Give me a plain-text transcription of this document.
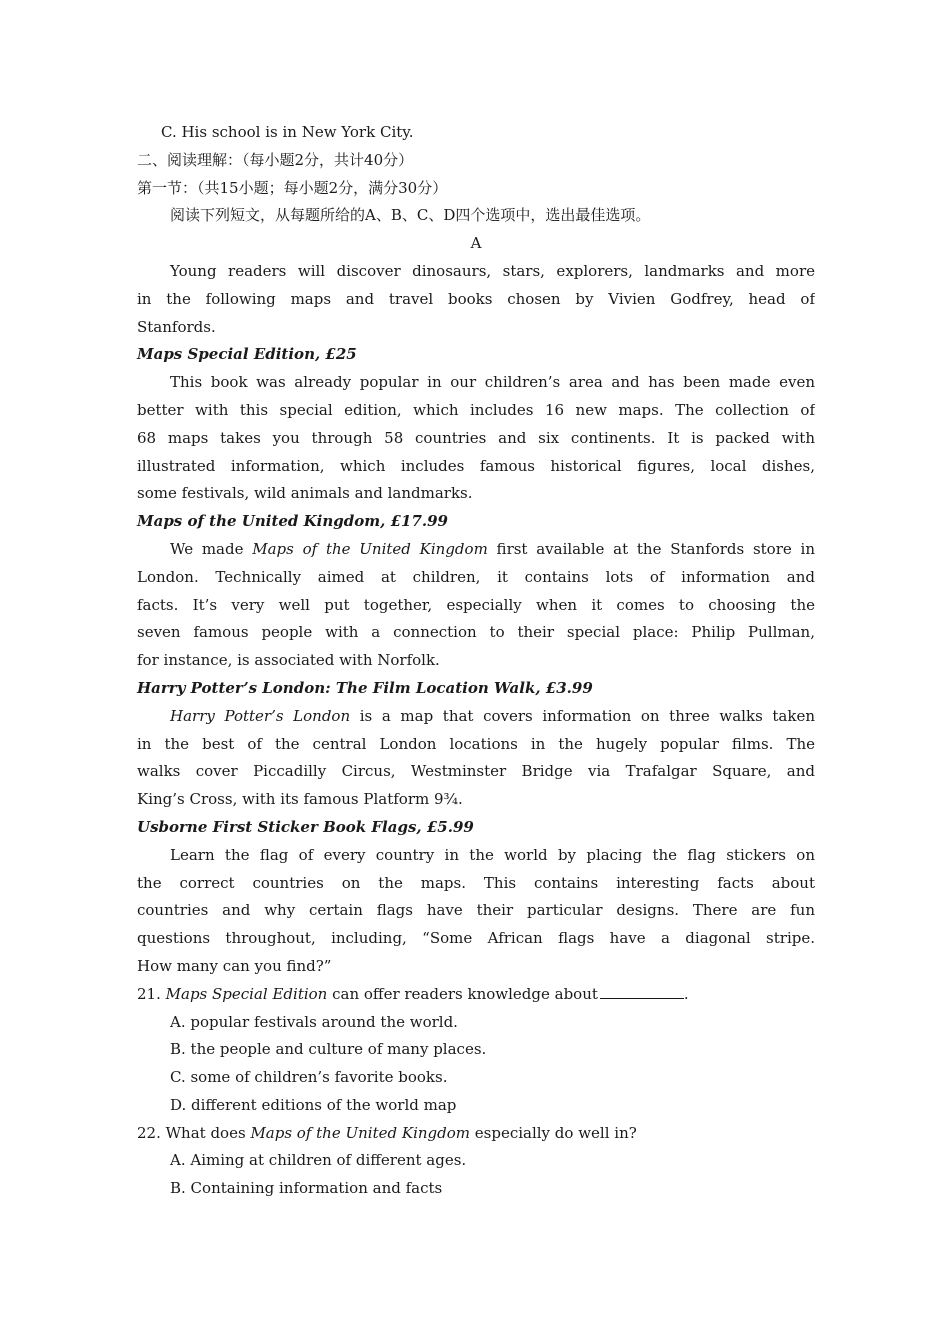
C. His school is in New York City.
二、阅读理解：（每小题2分，共计40分）
第一节：（共15小题；每小题2分，满分30分）
阅读下列短文，从每题所给的A、B、C、D四个选项中，选出最佳选项。
A
Young readers will discover dinosaurs, stars, explorers, landmarks and more
in the following maps and travel books chosen by Vivien Godfrey, head of
Stanfords.
Maps Special Edition, £25
This book was already popular in our children’s area and has been made even
better with this special edition, which includes 16 new maps. The collection of
68 maps takes you through 58 countries and six continents. It is packed with
illustrated information, which includes famous historical figures, local dishes,
some festivals, wild animals and landmarks.
Maps of the United Kingdom, £17.99
We made Maps of the United Kingdom first available at the Stanfords store in
London. Technically aimed at children, it contains lots of information and
facts. It’s very well put together, especially when it comes to choosing the
seven famous people with a connection to their special place: Philip Pullman,
for instance, is associated with Norfolk.
Harry Potter’s London: The Film Location Walk, £3.99
Harry Potter’s London is a map that covers information on three walks taken
in the best of the central London locations in the hugely popular films. The
walks cover Piccadilly Circus, Westminster Bridge via Trafalgar Square, and
King’s Cross, with its famous Platform 9¾.
Usborne First Sticker Book Flags, £5.99
Learn the flag of every country in the world by placing the flag stickers on
the correct countries on the maps. This contains interesting facts about
countries and why certain flags have their particular designs. There are fun
questions throughout, including, “Some African flags have a diagonal stripe.
How many can you find?”
21. Maps Special Edition can offer readers knowledge about	.
A. popular festivals around the world.
B. the people and culture of many places.
C. some of children’s favorite books.
D. different editions of the world map
22. What does Maps of the United Kingdom especially do well in?
A. Aiming at children of different ages.
B. Containing information and facts
